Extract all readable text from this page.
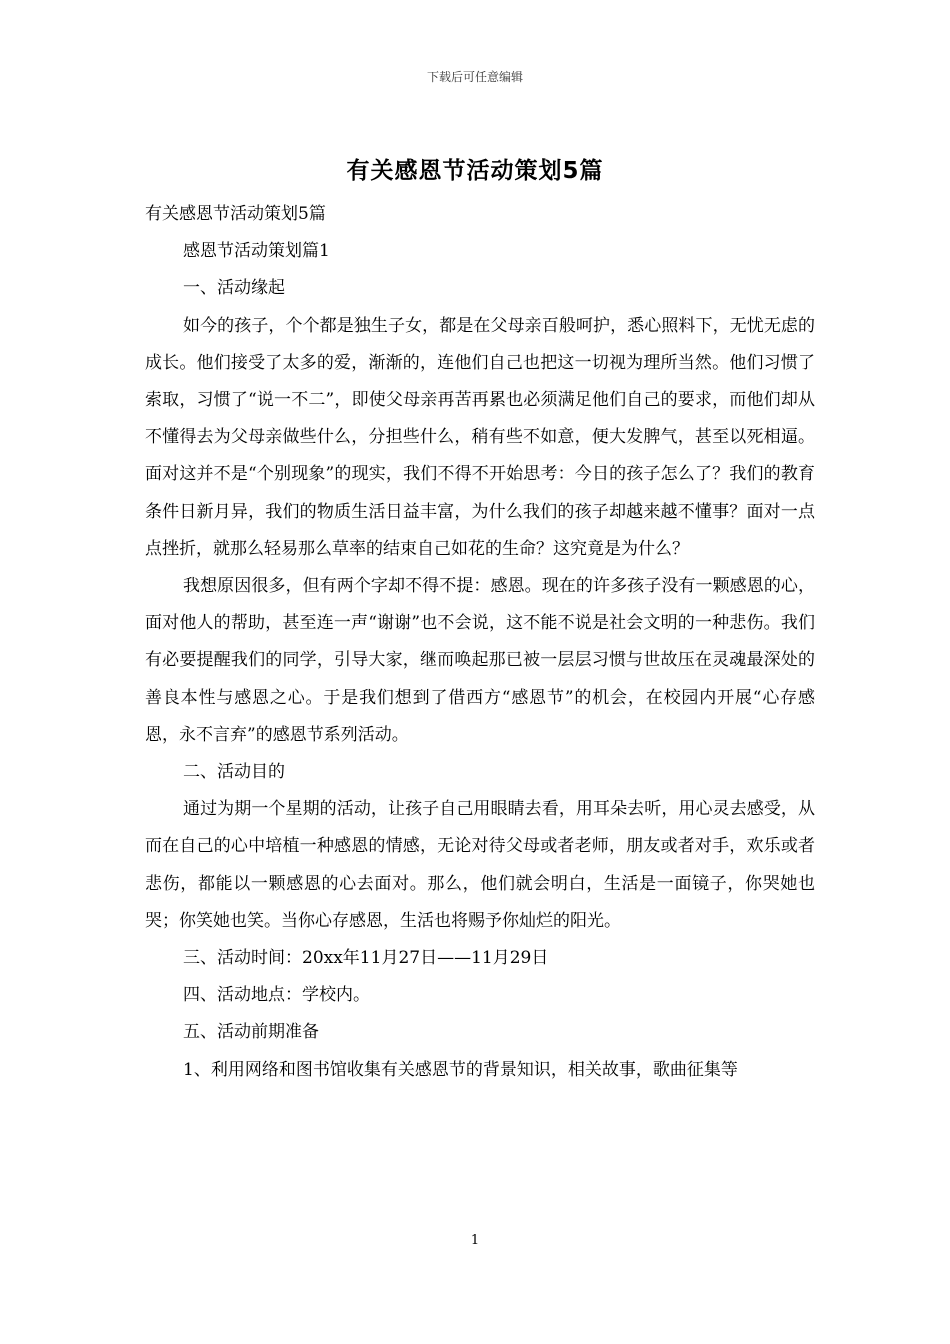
下载后可任意编辑
有关感恩节活动策划5篇

有关感恩节活动策划5篇

感恩节活动策划篇1

一、活动缘起

如今的孩子，个个都是独生子女，都是在父母亲百般呵护，悉心照料下，无忧无虑的成长。他们接受了太多的爱，渐渐的，连他们自己也把这一切视为理所当然。他们习惯了索取，习惯了“说一不二”，即使父母亲再苦再累也必须满足他们自己的要求，而他们却从不懂得去为父母亲做些什么，分担些什么，稍有些不如意，便大发脾气，甚至以死相逼。面对这并不是“个别现象”的现实，我们不得不开始思考：今日的孩子怎么了？我们的教育条件日新月异，我们的物质生活日益丰富，为什么我们的孩子却越来越不懂事？面对一点点挫折，就那么轻易那么草率的结束自己如花的生命？这究竟是为什么？

我想原因很多，但有两个字却不得不提：感恩。现在的许多孩子没有一颗感恩的心，面对他人的帮助，甚至连一声“谢谢”也不会说，这不能不说是社会文明的一种悲伤。我们有必要提醒我们的同学，引导大家，继而唤起那已被一层层习惯与世故压在灵魂最深处的善良本性与感恩之心。于是我们想到了借西方“感恩节”的机会，在校园内开展“心存感恩，永不言弃”的感恩节系列活动。

二、活动目的

通过为期一个星期的活动，让孩子自己用眼睛去看，用耳朵去听，用心灵去感受，从而在自己的心中培植一种感恩的情感，无论对待父母或者老师，朋友或者对手，欢乐或者悲伤，都能以一颗感恩的心去面对。那么，他们就会明白，生活是一面镜子，你哭她也哭；你笑她也笑。当你心存感恩，生活也将赐予你灿烂的阳光。

三、活动时间：20xx年11月27日——11月29日

四、活动地点：学校内。

五、活动前期准备

1、利用网络和图书馆收集有关感恩节的背景知识，相关故事，歌曲征集等

1
